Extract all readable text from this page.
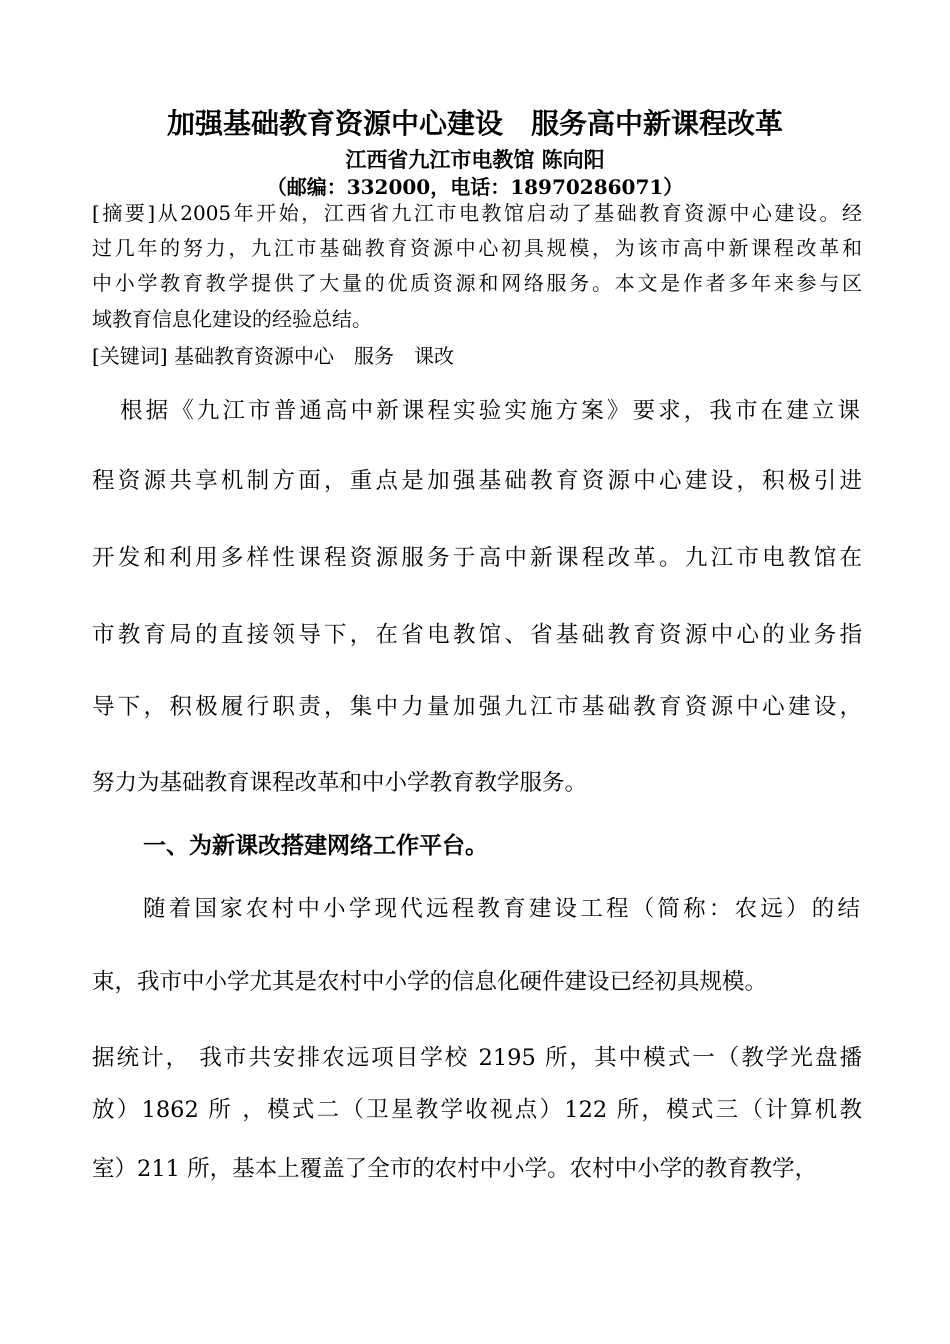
加强基础教育资源中心建设　服务高中新课程改革
江西省九江市电教馆 陈向阳
（邮编：332000，电话：18970286071）
[摘要]从2005年开始，江西省九江市电教馆启动了基础教育资源中心建设。经
过几年的努力，九江市基础教育资源中心初具规模，为该市高中新课程改革和
中小学教育教学提供了大量的优质资源和网络服务。本文是作者多年来参与区
域教育信息化建设的经验总结。
[关键词] 基础教育资源中心　服务　课改
根据《九江市普通高中新课程实验实施方案》要求，我市在建立课
程资源共享机制方面，重点是加强基础教育资源中心建设，积极引进
开发和利用多样性课程资源服务于高中新课程改革。九江市电教馆在
市教育局的直接领导下，在省电教馆、省基础教育资源中心的业务指
导下，积极履行职责，集中力量加强九江市基础教育资源中心建设，
努力为基础教育课程改革和中小学教育教学服务。
一、为新课改搭建网络工作平台。
随着国家农村中小学现代远程教育建设工程（简称：农远）的结
束，我市中小学尤其是农村中小学的信息化硬件建设已经初具规模。
据统计， 我市共安排农远项目学校 2195 所，其中模式一（教学光盘播
放）1862 所 ，模式二（卫星教学收视点）122 所，模式三（计算机教
室）211 所，基本上覆盖了全市的农村中小学。农村中小学的教育教学，
